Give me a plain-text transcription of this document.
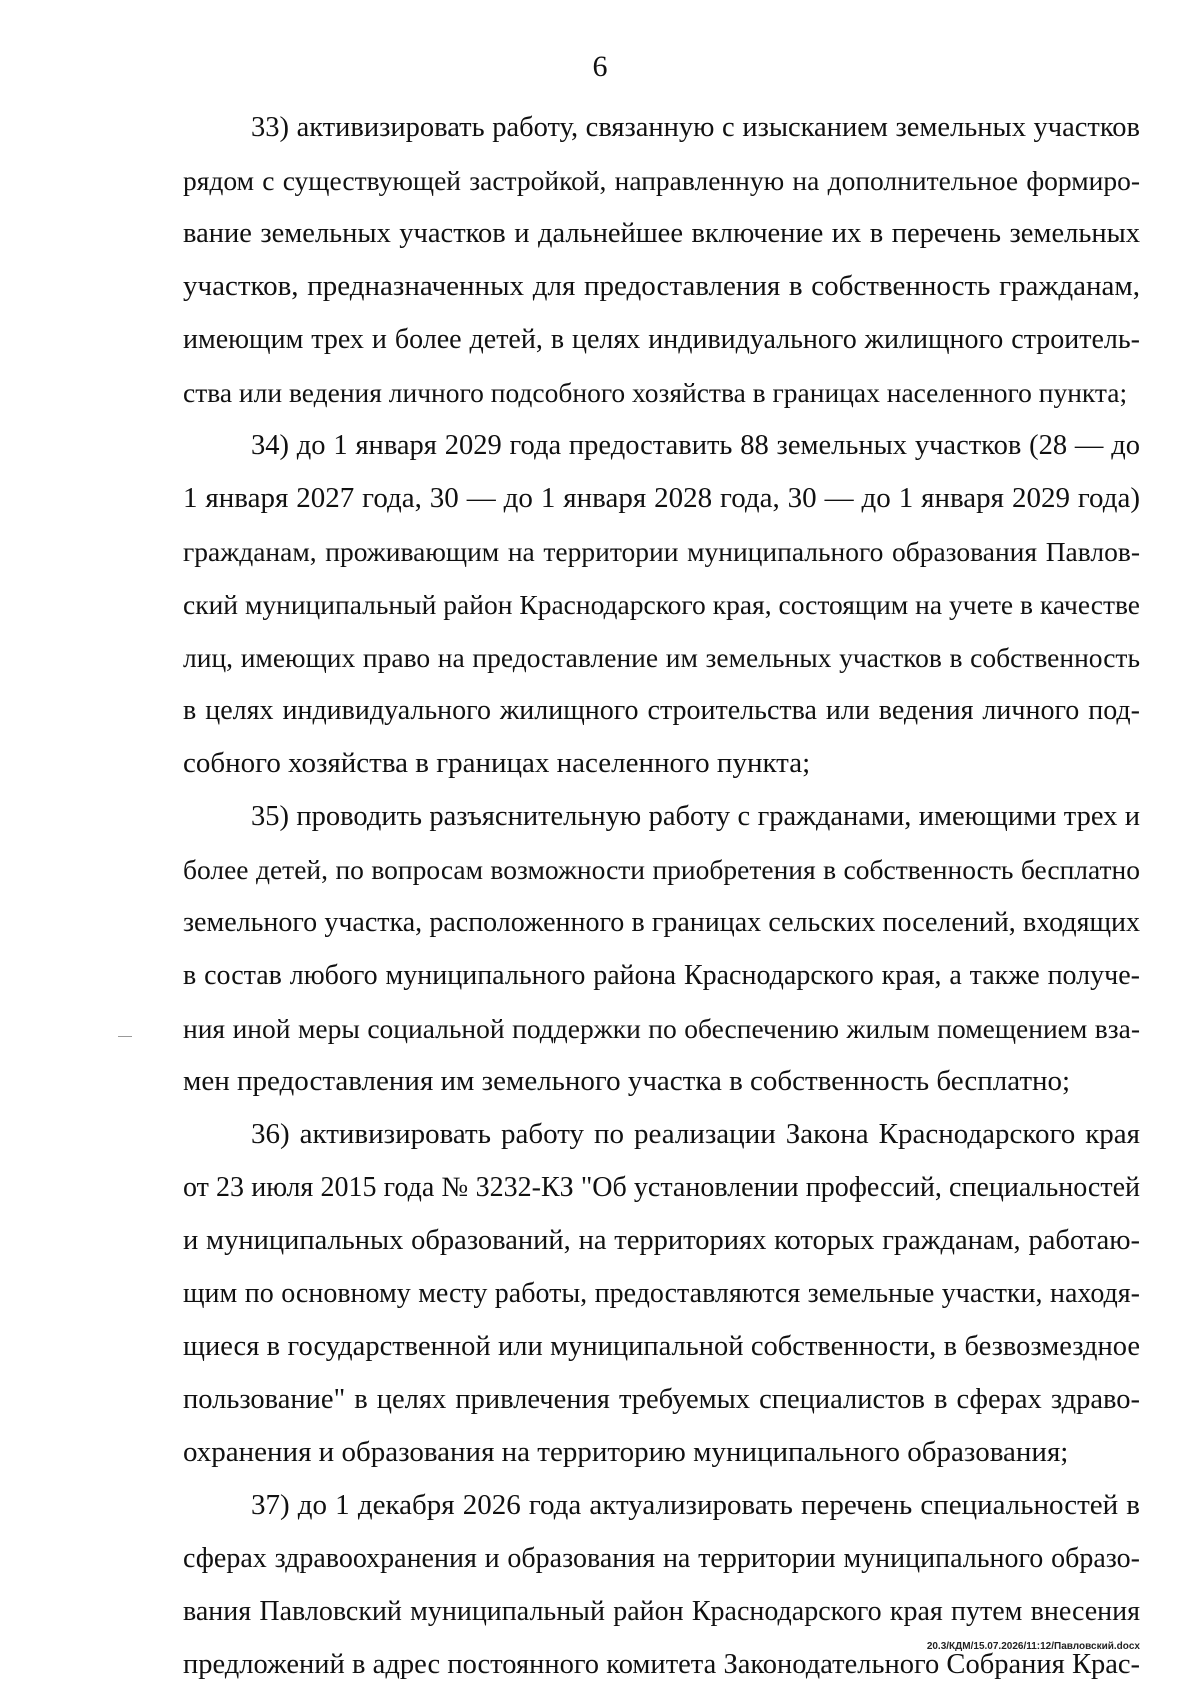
6
33) активизировать работу, связанную с изысканием земельных участков
рядом с существующей застройкой, направленную на дополнительное формиро-
вание земельных участков и дальнейшее включение их в перечень земельных
участков, предназначенных для предоставления в собственность гражданам,
имеющим трех и более детей, в целях индивидуального жилищного строитель-
ства или ведения личного подсобного хозяйства в границах населенного пункта;
34) до 1 января 2029 года предоставить 88 земельных участков (28 — до
1 января 2027 года, 30 — до 1 января 2028 года, 30 — до 1 января 2029 года)
гражданам, проживающим на территории муниципального образования Павлов-
ский муниципальный район Краснодарского края, состоящим на учете в качестве
лиц, имеющих право на предоставление им земельных участков в собственность
в целях индивидуального жилищного строительства или ведения личного под-
собного хозяйства в границах населенного пункта;
35) проводить разъяснительную работу с гражданами, имеющими трех и
более детей, по вопросам возможности приобретения в собственность бесплатно
земельного участка, расположенного в границах сельских поселений, входящих
в состав любого муниципального района Краснодарского края, а также получе-
ния иной меры социальной поддержки по обеспечению жилым помещением вза-
мен предоставления им земельного участка в собственность бесплатно;
36) активизировать работу по реализации Закона Краснодарского края
от 23 июля 2015 года № 3232-КЗ "Об установлении профессий, специальностей
и муниципальных образований, на территориях которых гражданам, работаю-
щим по основному месту работы, предоставляются земельные участки, находя-
щиеся в государственной или муниципальной собственности, в безвозмездное
пользование" в целях привлечения требуемых специалистов в сферах здраво-
охранения и образования на территорию муниципального образования;
37) до 1 декабря 2026 года актуализировать перечень специальностей в
сферах здравоохранения и образования на территории муниципального образо-
вания Павловский муниципальный район Краснодарского края путем внесения
предложений в адрес постоянного комитета Законодательного Собрания Крас-
20.3/КДМ/15.07.2026/11:12/Павловский.docx
